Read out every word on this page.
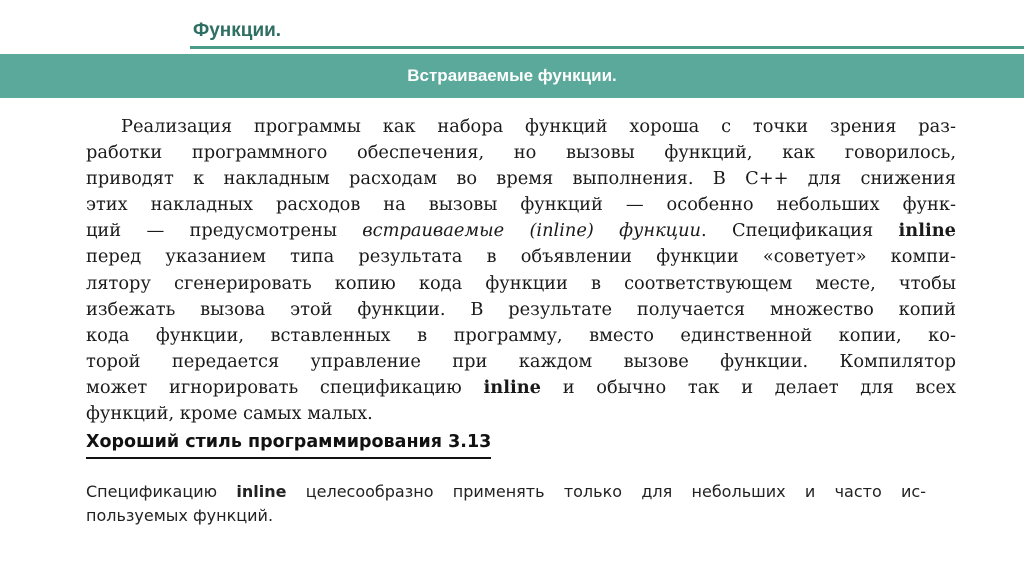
Функции.
Встраиваемые функции.
Реализация программы как набора функций хороша с точки зрения раз-
работки программного обеспечения, но вызовы функций, как говорилось,
приводят к накладным расходам во время выполнения. В C++ для снижения
этих накладных расходов на вызовы функций — особенно небольших функ-
ций — предусмотрены встраиваемые (inline) функции. Спецификация inline
перед указанием типа результата в объявлении функции «советует» компи-
лятору сгенерировать копию кода функции в соответствующем месте, чтобы
избежать вызова этой функции. В результате получается множество копий
кода функции, вставленных в программу, вместо единственной копии, ко-
торой передается управление при каждом вызове функции. Компилятор
может игнорировать спецификацию inline и обычно так и делает для всех
функций, кроме самых малых.
Хороший стиль программирования 3.13
Спецификацию inline целесообразно применять только для небольших и часто ис-
пользуемых функций.
